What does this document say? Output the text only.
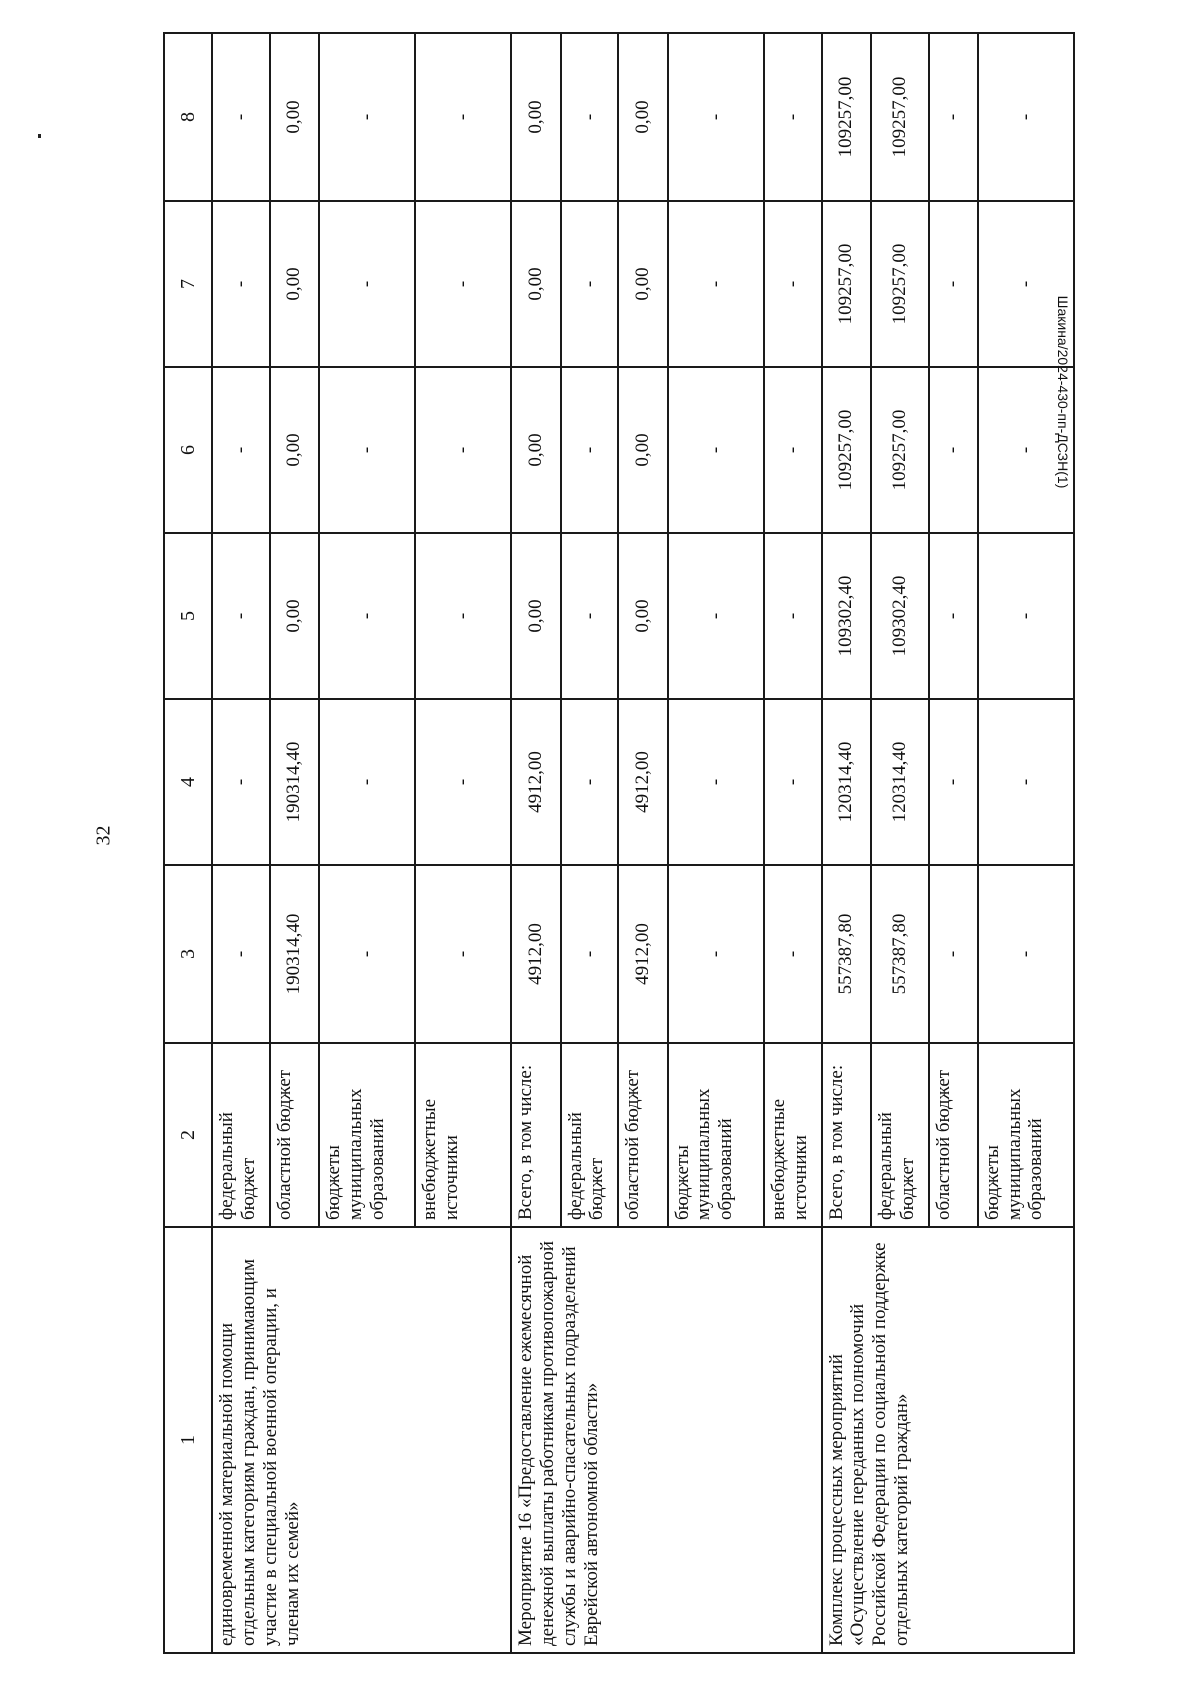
32
Шакина/2024-430-пп-ДСЗН(1)
1	2	3	4	5	6	7	8
единовременной материальной помощи отдельным категориям граждан, принимающим участие в специальной военной операции, и членам их семей»	федеральный бюджет	-	-	-	-	-	-
	областной бюджет	190314,40	190314,40	0,00	0,00	0,00	0,00
	бюджеты муниципальных образований	-	-	-	-	-	-
	внебюджетные источники	-	-	-	-	-	-
Мероприятие 16 «Предоставление ежемесячной денежной выплаты работникам противопожарной службы и аварийно-спасательных подразделений Еврейской автономной области»	Всего, в том числе:	4912,00	4912,00	0,00	0,00	0,00	0,00
	федеральный бюджет	-	-	-	-	-	-
	областной бюджет	4912,00	4912,00	0,00	0,00	0,00	0,00
	бюджеты муниципальных образований	-	-	-	-	-	-
	внебюджетные источники	-	-	-	-	-	-
Комплекс процессных мероприятий «Осуществление переданных полномочий Российской Федерации по социальной поддержке отдельных категорий граждан»	Всего, в том числе:	557387,80	120314,40	109302,40	109257,00	109257,00	109257,00
	федеральный бюджет	557387,80	120314,40	109302,40	109257,00	109257,00	109257,00
	областной бюджет	-	-	-	-	-	-
	бюджеты муниципальных образований	-	-	-	-	-	-
